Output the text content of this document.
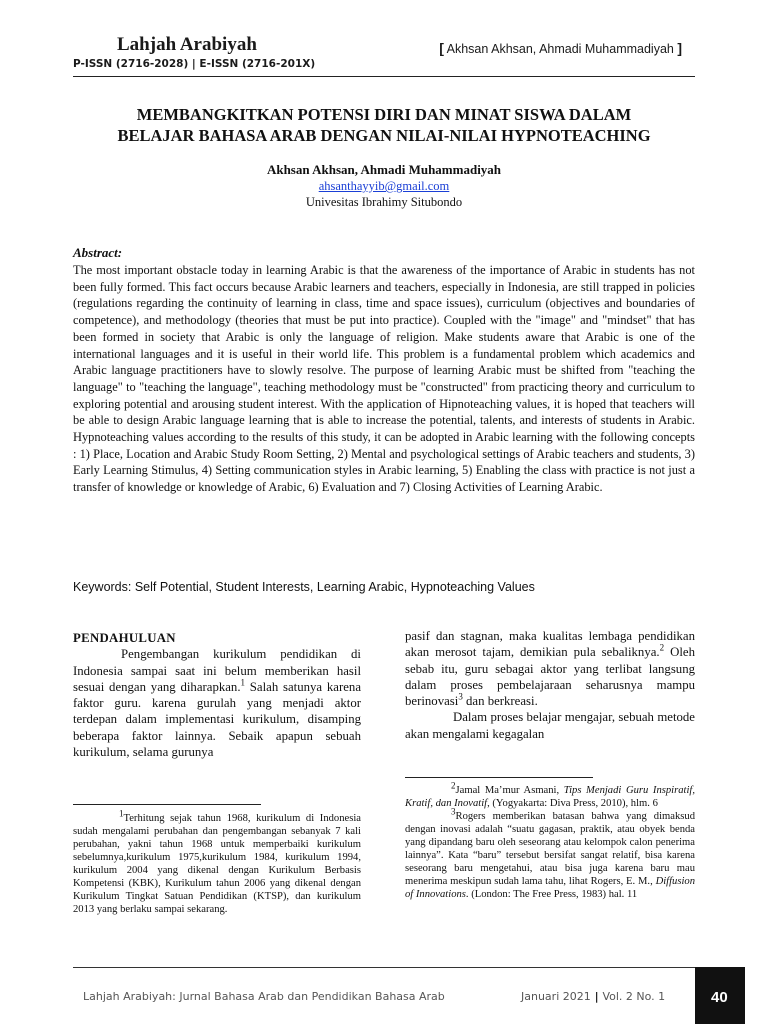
Lahjah Arabiyah
P-ISSN (2716-2028) | E-ISSN (2716-201X)
[ Akhsan Akhsan, Ahmadi Muhammadiyah ]
MEMBANGKITKAN POTENSI DIRI DAN MINAT SISWA DALAM
BELAJAR BAHASA ARAB DENGAN NILAI-NILAI HYPNOTEACHING
Akhsan Akhsan, Ahmadi Muhammadiyah
ahsanthayyib@gmail.com
Univesitas Ibrahimy Situbondo
Abstract:
The most important obstacle today in learning Arabic is that the awareness of the importance of Arabic in students has not been fully formed. This fact occurs because Arabic learners and teachers, especially in Indonesia, are still trapped in policies (regulations regarding the continuity of learning in class, time and space issues), curriculum (objectives and boundaries of competence), and methodology (theories that must be put into practice). Coupled with the "image" and "mindset" that has been formed in society that Arabic is only the language of religion. Make students aware that Arabic is one of the international languages and it is useful in their world life. This problem is a fundamental problem which academics and Arabic language practitioners have to slowly resolve. The purpose of learning Arabic must be shifted from "teaching the language" to "teaching the language", teaching methodology must be "constructed" from practicing theory and curriculum to exploring potential and arousing student interest. With the application of Hipnoteaching values, it is hoped that teachers will be able to design Arabic language learning that is able to increase the potential, talents, and interests of students in Arabic. Hypnoteaching values according to the results of this study, it can be adopted in Arabic learning with the following concepts : 1) Place, Location and Arabic Study Room Setting, 2) Mental and psychological settings of Arabic teachers and students, 3) Early Learning Stimulus, 4) Setting communication styles in Arabic learning, 5) Enabling the class with practice is not just a transfer of knowledge or knowledge of Arabic, 6) Evaluation and 7) Closing Activities of Learning Arabic.
Keywords: Self Potential, Student Interests, Learning Arabic, Hypnoteaching Values

PENDAHULUAN

Pengembangan kurikulum pendidikan di Indonesia sampai saat ini belum memberikan hasil sesuai dengan yang diharapkan.$^1$ Salah satunya karena faktor guru. karena gurulah yang menjadi aktor terdepan dalam implementasi kurikulum, disamping beberapa faktor lainnya. Sebaik apapun sebuah kurikulum, selama gurunya

pasif dan stagnan, maka kualitas lembaga pendidikan akan merosot tajam, demikian pula sebaliknya.$^2$ Oleh sebab itu, guru sebagai aktor yang terlibat langsung dalam proses pembelajaraan seharusnya mampu berinovasi$^3$ dan berkreasi.

Dalam proses belajar mengajar, sebuah metode akan mengalami kegagalan

$^1$Terhitung sejak tahun 1968, kurikulum di Indonesia sudah mengalami perubahan dan pengembangan sebanyak 7 kali perubahan, yakni tahun 1968 untuk memperbaiki kurikulum sebelumnya,kurikulum 1975,kurikulum 1984, kurikulum 1994, kurikulum 2004 yang dikenal dengan Kurikulum Berbasis Kompetensi (KBK), Kurikulum tahun 2006 yang dikenal dengan Kurikulum Tingkat Satuan Pendidikan (KTSP), dan kurikulum 2013 yang berlaku sampai sekarang.

$^2$Jamal Ma’mur Asmani, Tips Menjadi Guru Inspiratif, Kratif, dan Inovatif, (Yogyakarta: Diva Press, 2010), hlm. 6

$^3$Rogers memberikan batasan bahwa yang dimaksud dengan inovasi adalah “suatu gagasan, praktik, atau obyek benda yang dipandang baru oleh seseorang atau kelompok calon penerima lainnya”. Kata “baru” tersebut bersifat sangat relatif, bisa karena seseorang baru mengetahui, atau bisa juga karena baru mau menerima meskipun sudah lama tahu, lihat Rogers, E. M., Diffusion of Innovations. (London: The Free Press, 1983) hal. 11

Lahjah Arabiyah: Jurnal Bahasa Arab dan Pendidikan Bahasa Arab	Januari 2021 | Vol. 2 No. 1	40
